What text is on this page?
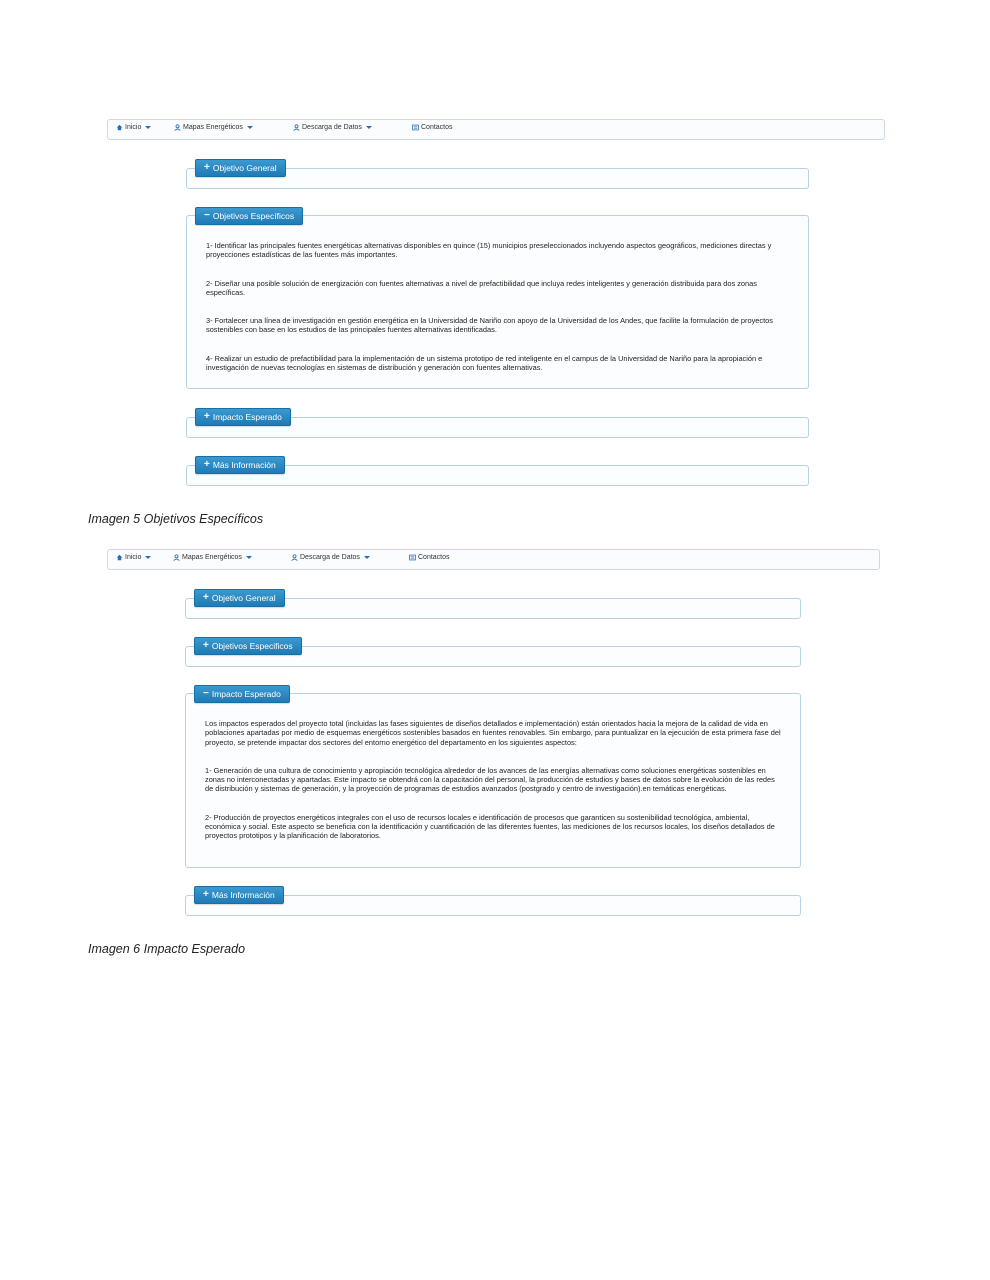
Inicio	Mapas Energéticos	Descarga de Datos	Contactos
+ Objetivo General

1- Identificar las principales fuentes energéticas alternativas disponibles en quince (15) municipios preseleccionados incluyendo aspectos geográficos, mediciones directas y proyecciones estadísticas de las fuentes más importantes.

2- Diseñar una posible solución de energización con fuentes alternativas a nivel de prefactibilidad que incluya redes inteligentes y generación distribuida para dos zonas específicas.

3- Fortalecer una línea de investigación en gestión energética en la Universidad de Nariño con apoyo de la Universidad de los Andes, que facilite la formulación de proyectos sostenibles con base en los estudios de las principales fuentes alternativas identificadas.

4- Realizar un estudio de prefactibilidad para la implementación de un sistema prototipo de red inteligente en el campus de la Universidad de Nariño para la apropiación e investigación de nuevas tecnologías en sistemas de distribución y generación con fuentes alternativas.

− Objetivos Específicos
+ Impacto Esperado
+ Más Información
Imagen 5 Objetivos Específicos
Inicio	Mapas Energéticos	Descarga de Datos	Contactos
+ Objetivo General
+ Objetivos Especificos

Los impactos esperados del proyecto total (incluidas las fases siguientes de diseños detallados e implementación) están orientados hacia la mejora de la calidad de vida en poblaciones apartadas por medio de esquemas energéticos sostenibles basados en fuentes renovables. Sin embargo, para puntualizar en la ejecución de esta primera fase del proyecto, se pretende impactar dos sectores del entorno energético del departamento en los siguientes aspectos:

1- Generación de una cultura de conocimiento y apropiación tecnológica alrededor de los avances de las energías alternativas como soluciones energéticas sostenibles en zonas no interconectadas y apartadas. Este impacto se obtendrá con la capacitación del personal, la producción de estudios y bases de datos sobre la evolución de las redes de distribución y sistemas de generación, y la proyección de programas de estudios avanzados (postgrado y centro de investigación).en temáticas energéticas.

2- Producción de proyectos energéticos integrales con el uso de recursos locales e identificación de procesos que garanticen su sostenibilidad tecnológica, ambiental, económica y social. Este aspecto se beneficia con la identificación y cuantificación de las diferentes fuentes, las mediciones de los recursos locales, los diseños detallados de proyectos prototipos y la planificación de laboratorios.

− Impacto Esperado
+ Más Información
Imagen 6 Impacto Esperado
